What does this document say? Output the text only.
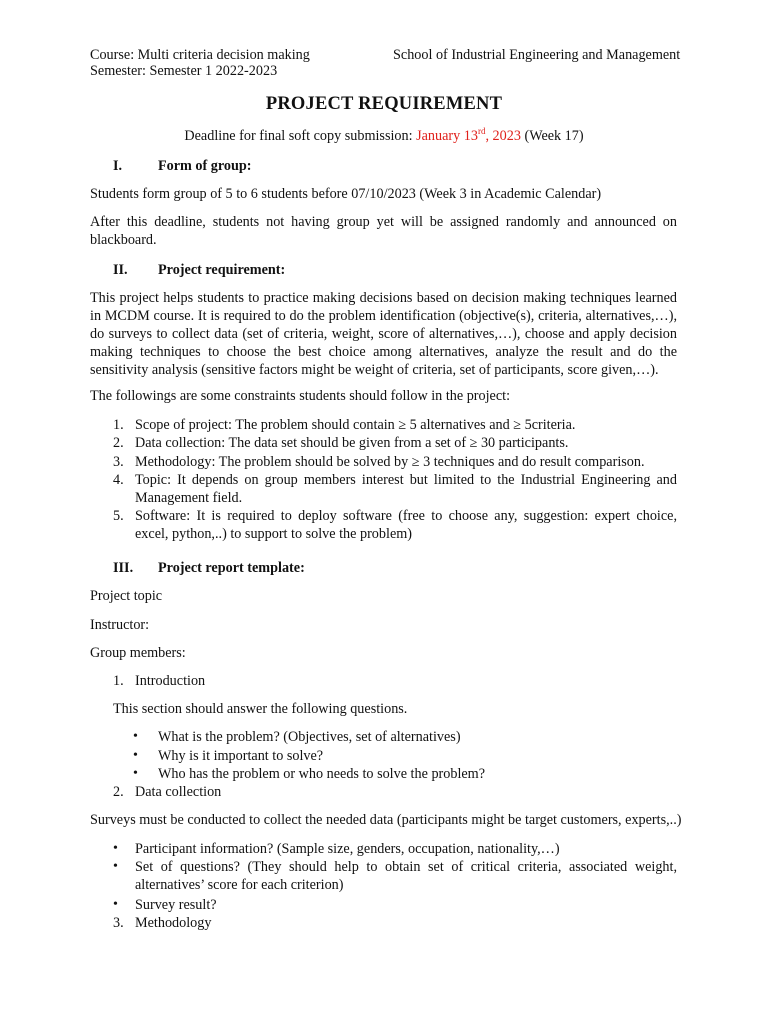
Course: Multi criteria decision making	School of Industrial Engineering and Management
Semester: Semester 1 2022-2023
PROJECT REQUIREMENT
Deadline for final soft copy submission: January 13rd, 2023 (Week 17)
I.	Form of group:
Students form group of 5 to 6 students before 07/10/2023 (Week 3 in Academic Calendar)
After this deadline, students not having group yet will be assigned randomly and announced on blackboard.
II. Project requirement:
This project helps students to practice making decisions based on decision making techniques learned in MCDM course. It is required to do the problem identification (objective(s), criteria, alternatives,…), do surveys to collect data (set of criteria, weight, score of alternatives,…), choose and apply decision making techniques to choose the best choice among alternatives, analyze the result and do the sensitivity analysis (sensitive factors might be weight of criteria, set of participants, score given,…).
The followings are some constraints students should follow in the project:
1. Scope of project: The problem should contain ≥ 5 alternatives and ≥ 5criteria.
2. Data collection: The data set should be given from a set of ≥ 30 participants.
3. Methodology: The problem should be solved by ≥ 3 techniques and do result comparison.
4. Topic: It depends on group members interest but limited to the Industrial Engineering and Management field.
5. Software: It is required to deploy software (free to choose any, suggestion: expert choice, excel, python,..) to support to solve the problem)
III. Project report template:
Project topic
Instructor:
Group members:
1. Introduction
This section should answer the following questions.
•	What is the problem? (Objectives, set of alternatives)
•	Why is it important to solve?
•	Who has the problem or who needs to solve the problem?
2. Data collection
Surveys must be conducted to collect the needed data (participants might be target customers, experts,..)
•	Participant information? (Sample size, genders, occupation, nationality,…)
•	Set of questions? (They should help to obtain set of critical criteria, associated weight, alternatives’ score for each criterion)
•	Survey result?
3. Methodology
